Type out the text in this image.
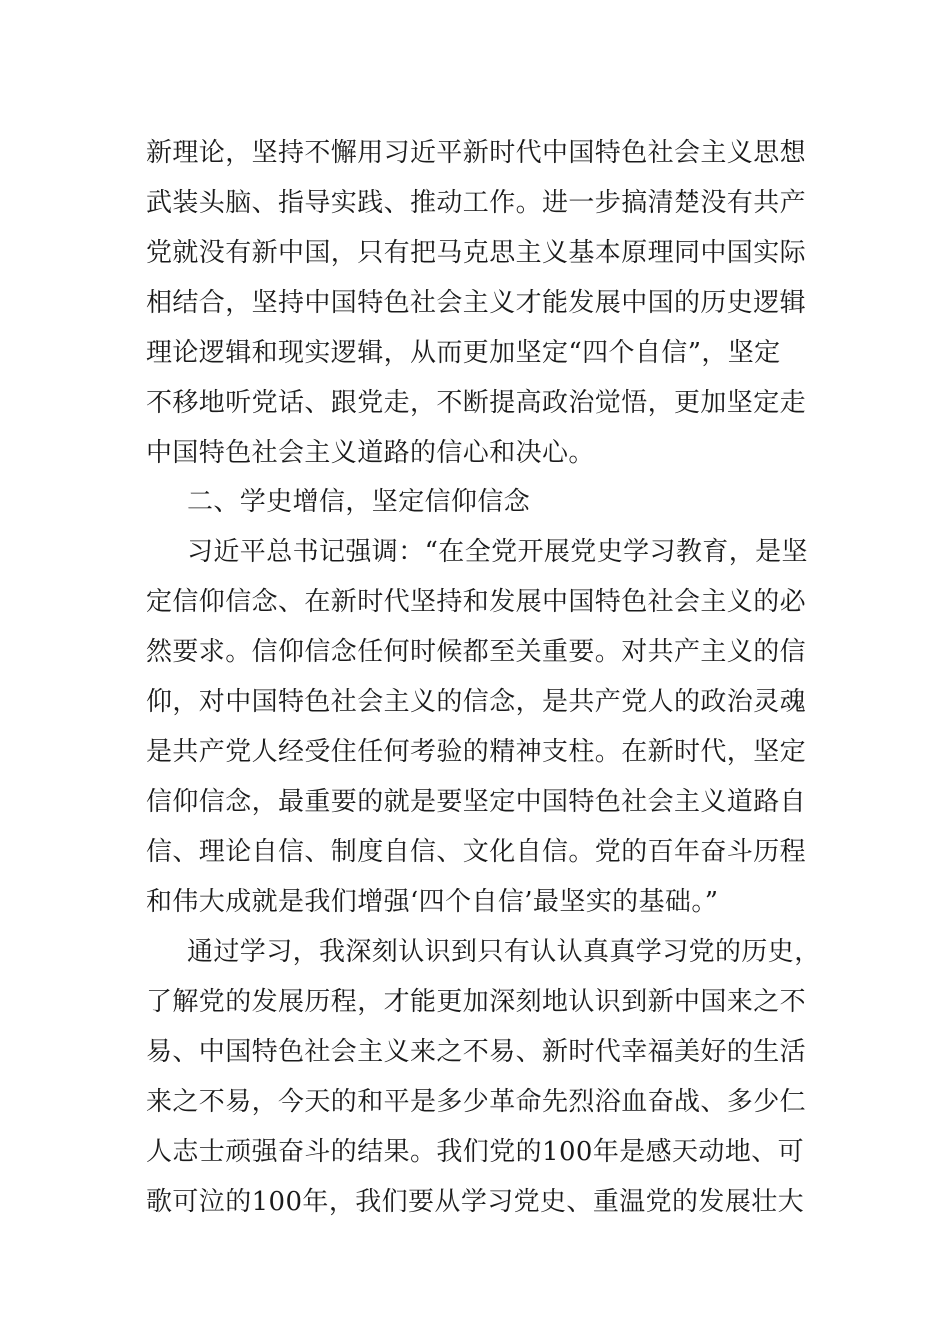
新理论，坚持不懈用习近平新时代中国特色社会主义思想
武装头脑、指导实践、推动工作。进一步搞清楚没有共产
党就没有新中国，只有把马克思主义基本原理同中国实际
相结合，坚持中国特色社会主义才能发展中国的历史逻辑
理论逻辑和现实逻辑，从而更加坚定“四个自信”，坚定
不移地听党话、跟党走，不断提高政治觉悟，更加坚定走
中国特色社会主义道路的信心和决心。
二、学史增信，坚定信仰信念
习近平总书记强调：“在全党开展党史学习教育，是坚
定信仰信念、在新时代坚持和发展中国特色社会主义的必
然要求。信仰信念任何时候都至关重要。对共产主义的信
仰，对中国特色社会主义的信念，是共产党人的政治灵魂
是共产党人经受住任何考验的精神支柱。在新时代，坚定
信仰信念，最重要的就是要坚定中国特色社会主义道路自
信、理论自信、制度自信、文化自信。党的百年奋斗历程
和伟大成就是我们增强‘四个自信’最坚实的基础。”
通过学习，我深刻认识到只有认认真真学习党的历史，
了解党的发展历程，才能更加深刻地认识到新中国来之不
易、中国特色社会主义来之不易、新时代幸福美好的生活
来之不易，今天的和平是多少革命先烈浴血奋战、多少仁
人志士顽强奋斗的结果。我们党的100年是感天动地、可
歌可泣的100年，我们要从学习党史、重温党的发展壮大
